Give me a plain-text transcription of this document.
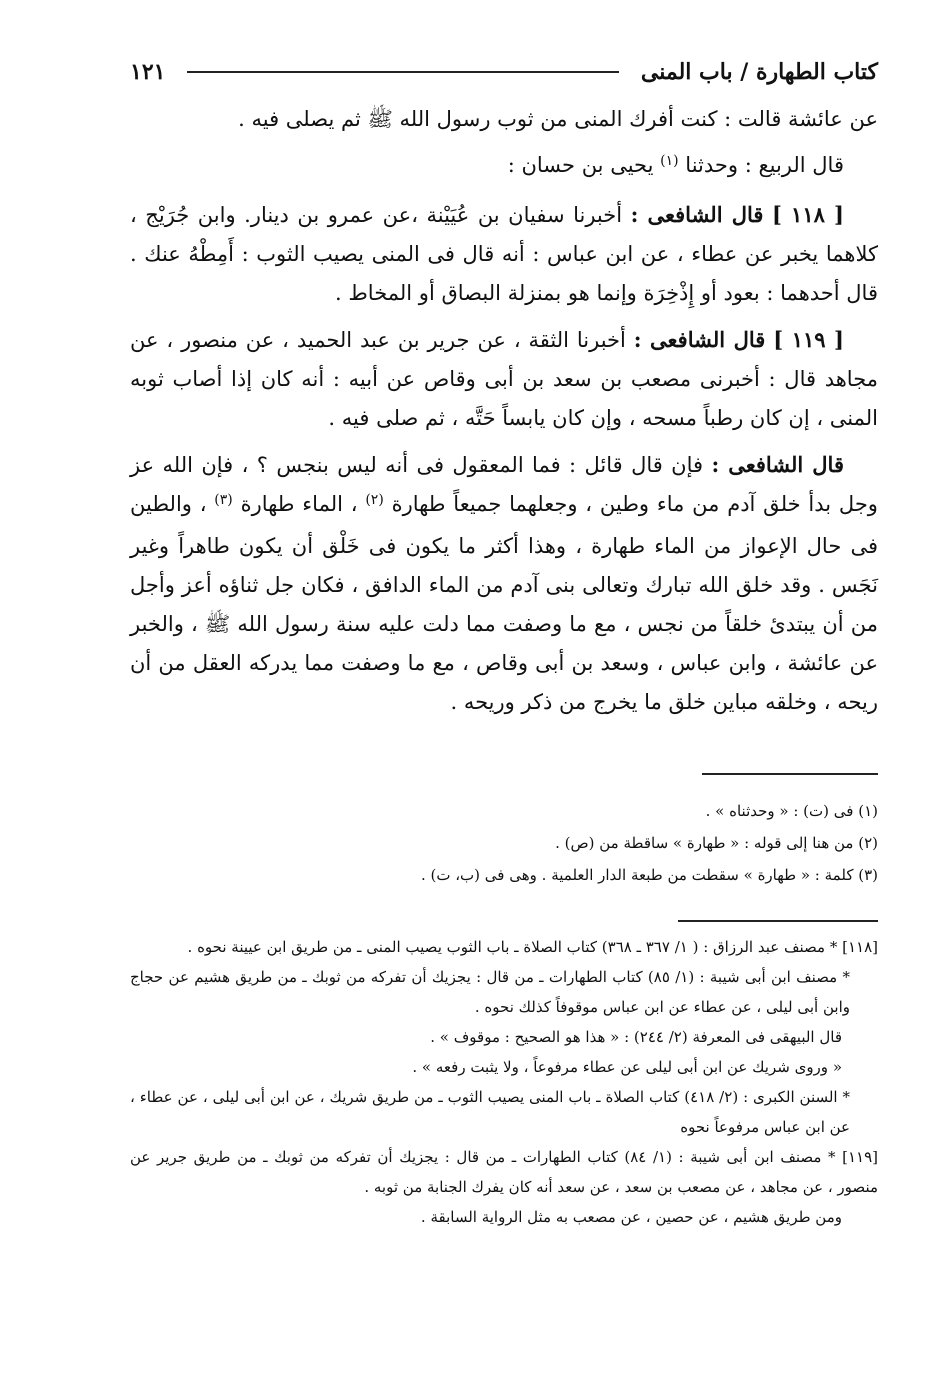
كتاب الطهارة / باب المنى
١٢١

عن عائشة قالت : كنت أفرك المنى من ثوب رسول الله ﷺ ثم يصلى فيه .

قال الربيع : وحدثنا $^{(١)}$ يحيى بن حسان :

[ ١١٨ ] قال الشافعى : أخبرنا سفيان بن عُيَيْنة ،عن عمرو بن دينار. وابن جُرَيْج ، كلاهما يخبر عن عطاء ، عن ابن عباس : أنه قال فى المنى يصيب الثوب : أَمِطْهُ عنك . قال أحدهما : بعود أو إِذْخِرَة وإنما هو بمنزلة البصاق أو المخاط .

[ ١١٩ ] قال الشافعى : أخبرنا الثقة ، عن جرير بن عبد الحميد ، عن منصور ، عن مجاهد قال : أخبرنى مصعب بن سعد بن أبى وقاص عن أبيه : أنه كان إذا أصاب ثوبه المنى ، إن كان رطباً مسحه ، وإن كان يابساً حَتَّه ، ثم صلى فيه .

قال الشافعى : فإن قال قائل : فما المعقول فى أنه ليس بنجس ؟ ، فإن الله عز وجل بدأ خلق آدم من ماء وطين ، وجعلهما جميعاً طهارة $^{(٢)}$ ، الماء طهارة $^{(٣)}$ ، والطين فى حال الإعواز من الماء طهارة ، وهذا أكثر ما يكون فى خَلْق أن يكون طاهراً وغير نَجَس . وقد خلق الله تبارك وتعالى بنى آدم من الماء الدافق ، فكان جل ثناؤه أعز وأجل من أن يبتدئ خلقاً من نجس ، مع ما وصفت مما دلت عليه سنة رسول الله ﷺ ، والخبر عن عائشة ، وابن عباس ، وسعد بن أبى وقاص ، مع ما وصفت مما يدركه العقل من أن ريحه ، وخلقه مباين خلق ما يخرج من ذكر وريحه .

(١) فى (ت) : « وحدثناه » .

(٢) من هنا إلى قوله : « طهارة » ساقطة من (ص) .

(٣) كلمة : « طهارة » سقطت من طبعة الدار العلمية . وهى فى (ب، ت) .

[١١٨] * مصنف عبد الرزاق : ( ١/ ٣٦٧ ـ ٣٦٨) كتاب الصلاة ـ باب الثوب يصيب المنى ـ من طريق ابن عيينة نحوه .

* مصنف ابن أبى شيبة : (١/ ٨٥) كتاب الطهارات ـ من قال : يجزيك أن تفركه من ثوبك ـ من طريق هشيم عن حجاج وابن أبى ليلى ، عن عطاء عن ابن عباس موقوفاً كذلك نحوه .

قال البيهقى فى المعرفة (٢/ ٢٤٤) : « هذا هو الصحيح : موقوف » .

« وروى شريك عن ابن أبى ليلى عن عطاء مرفوعاً ، ولا يثبت رفعه » .

* السنن الكبرى : (٢/ ٤١٨) كتاب الصلاة ـ باب المنى يصيب الثوب ـ من طريق شريك ، عن ابن أبى ليلى ، عن عطاء ، عن ابن عباس مرفوعاً نحوه

[١١٩] * مصنف ابن أبى شيبة : (١/ ٨٤) كتاب الطهارات ـ من قال : يجزيك أن تفركه من ثوبك ـ من طريق جرير عن منصور ، عن مجاهد ، عن مصعب بن سعد ، عن سعد أنه كان يفرك الجنابة من ثوبه .

ومن طريق هشيم ، عن حصين ، عن مصعب به مثل الرواية السابقة .
